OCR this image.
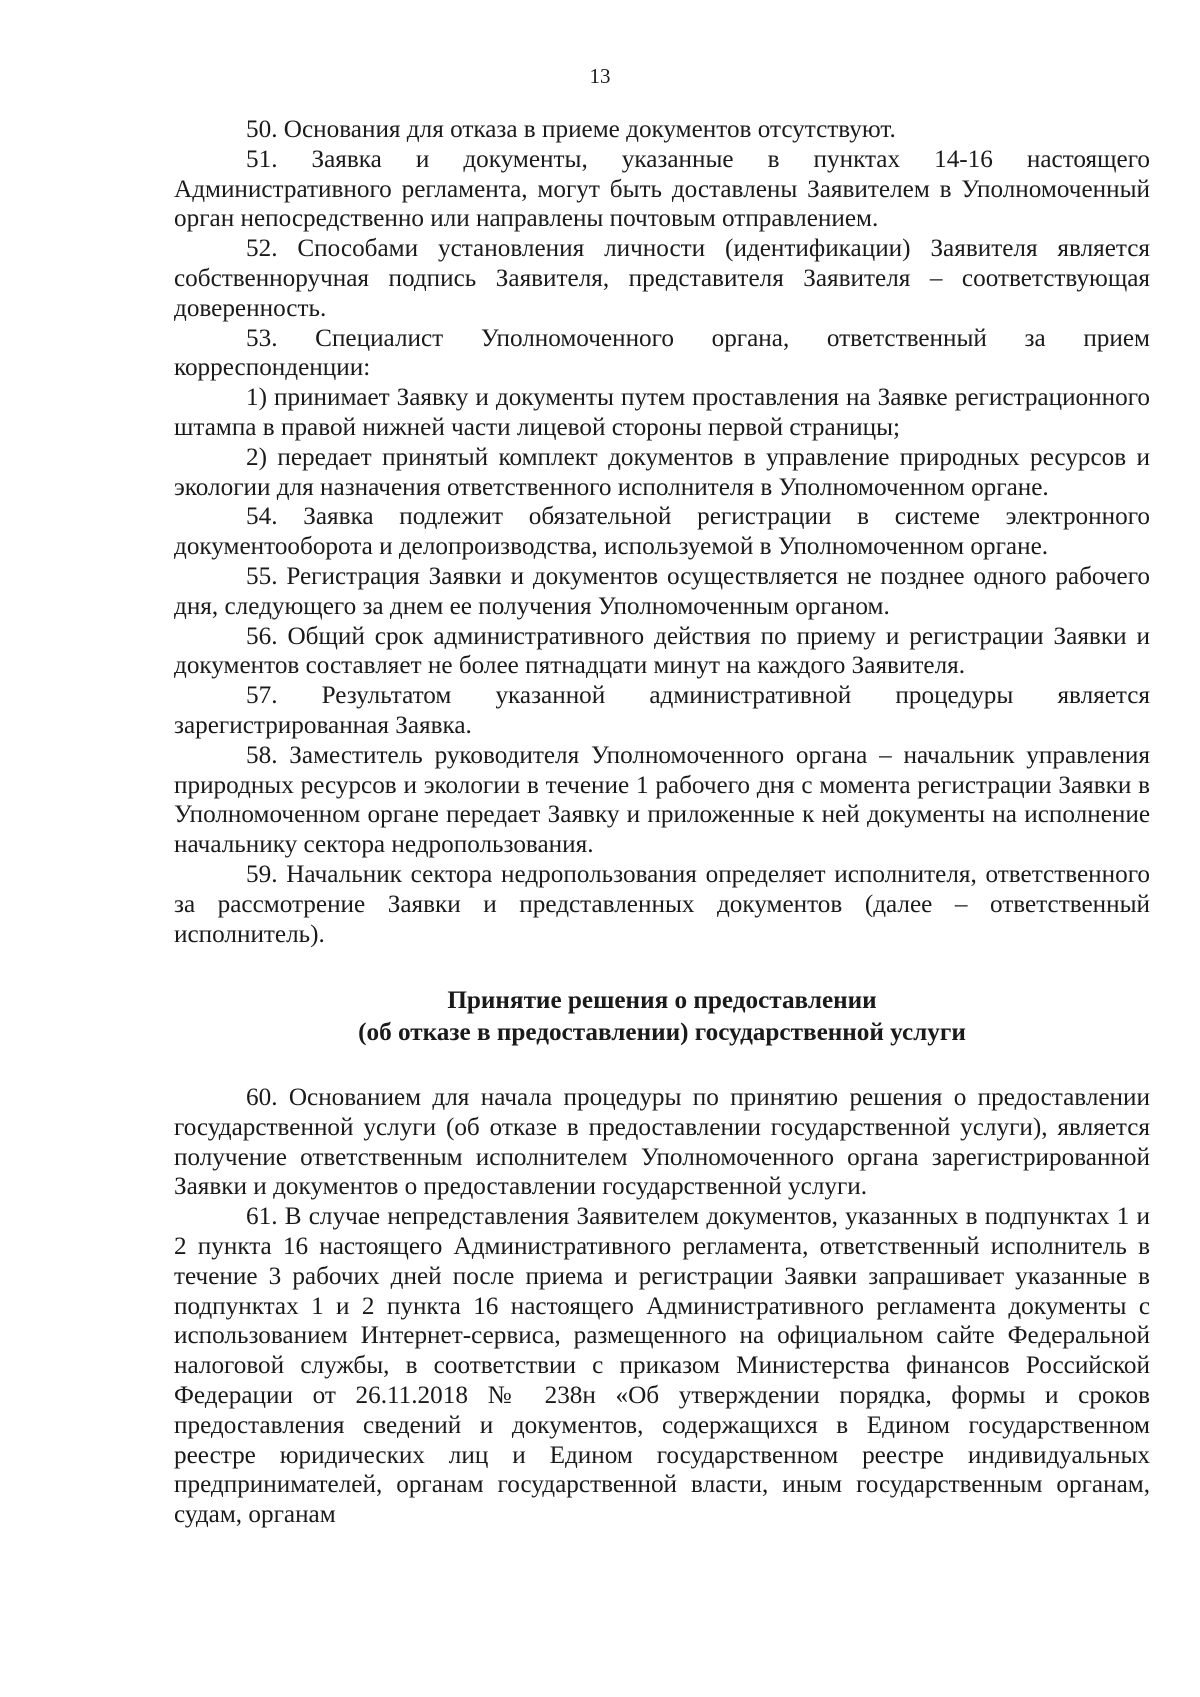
13

50. Основания для отказа в приеме документов отсутствуют.

51. Заявка и документы, указанные в пунктах 14-16 настоящего Административного регламента, могут быть доставлены Заявителем в Уполномоченный орган непосредственно или направлены почтовым отправлением.

52. Способами установления личности (идентификации) Заявителя является собственноручная подпись Заявителя, представителя Заявителя – соответствующая доверенность.

53. Специалист Уполномоченного органа, ответственный за прием корреспонденции:

1) принимает Заявку и документы путем проставления на Заявке регистрационного штампа в правой нижней части лицевой стороны первой страницы;

2) передает принятый комплект документов в управление природных ресурсов и экологии для назначения ответственного исполнителя в Уполномоченном органе.

54. Заявка подлежит обязательной регистрации в системе электронного документооборота и делопроизводства, используемой в Уполномоченном органе.

55. Регистрация Заявки и документов осуществляется не позднее одного рабочего дня, следующего за днем ее получения Уполномоченным органом.

56. Общий срок административного действия по приему и регистрации Заявки и документов составляет не более пятнадцати минут на каждого Заявителя.

57. Результатом указанной административной процедуры является зарегистрированная Заявка.

58. Заместитель руководителя Уполномоченного органа – начальник управления природных ресурсов и экологии в течение 1 рабочего дня с момента регистрации Заявки в Уполномоченном органе передает Заявку и приложенные к ней документы на исполнение начальнику сектора недропользования.

59. Начальник сектора недропользования определяет исполнителя, ответственного за рассмотрение Заявки и представленных документов (далее – ответственный исполнитель).

Принятие решения о предоставлении
(об отказе в предоставлении) государственной услуги

60. Основанием для начала процедуры по принятию решения о предоставлении государственной услуги (об отказе в предоставлении государственной услуги), является получение ответственным исполнителем Уполномоченного органа зарегистрированной Заявки и документов о предоставлении государственной услуги.

61. В случае непредставления Заявителем документов, указанных в подпунктах 1 и 2 пункта 16 настоящего Административного регламента, ответственный исполнитель в течение 3 рабочих дней после приема и регистрации Заявки запрашивает указанные в подпунктах 1 и 2 пункта 16 настоящего Административного регламента документы с использованием Интернет-сервиса, размещенного на официальном сайте Федеральной налоговой службы, в соответствии с приказом Министерства финансов Российской Федерации от 26.11.2018 № 238н «Об утверждении порядка, формы и сроков предоставления сведений и документов, содержащихся в Едином государственном реестре юридических лиц и Едином государственном реестре индивидуальных предпринимателей, органам государственной власти, иным государственным органам, судам, органам
